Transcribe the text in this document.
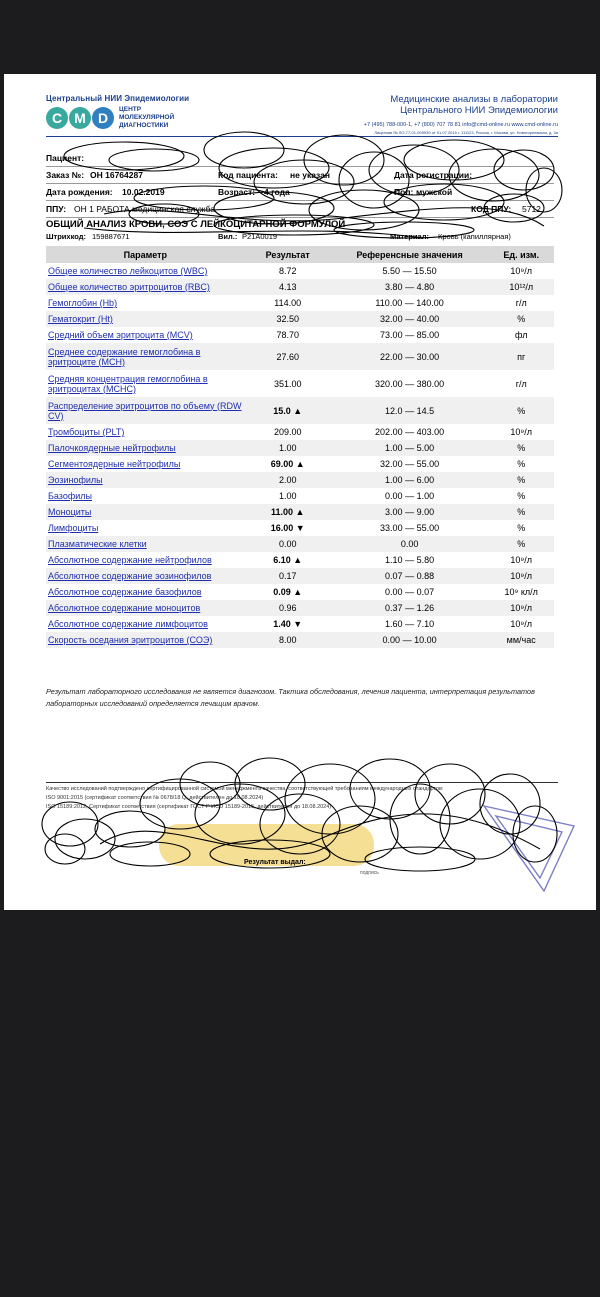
Центральный НИИ Эпидемиологии
C M D
ЦЕНТР МОЛЕКУЛЯРНОЙ ДИАГНОСТИКИ
Медицинские анализы в лаборатории
Центрального НИИ Эпидемиологии
+7 (495) 788-000-1, +7 (800) 707 78 81 info@cmd-online.ru www.cmd-online.ru
Лицензия № ЛО-77-01-009939 от 01.07.2015 г. 111123, Россия, г. Москва, ул. Новогиреевская, д. 3а
Пациент:
Заказ №: ОН 16764287	Код пациента: не указан	Дата регистрации:
Дата рождения: 10.02.2019	Возраст: 4 года	Пол: мужской
ППУ: ОН 1 РАБОТА медицинская служба	КОД ППУ: 5712
ОБЩИЙ АНАЛИЗ КРОВИ, СОЭ С ЛЕЙКОЦИТАРНОЙ ФОРМУЛОЙ
Штрихкод: 159887671	Вил.: P21A0019	Материал: Кровь (капиллярная)
Параметр	Результат	Референсные значения	Ед. изм.
Общее количество лейкоцитов (WBC)	8.72	5.50 — 15.50	10⁹/л
Общее количество эритроцитов (RBC)	4.13	3.80 — 4.80	10¹²/л
Гемоглобин (Hb)	114.00	110.00 — 140.00	г/л
Гематокрит (Ht)	32.50	32.00 — 40.00	%
Средний объем эритроцита (MCV)	78.70	73.00 — 85.00	фл
Среднее содержание гемоглобина в эритроците (MCH)	27.60	22.00 — 30.00	пг
Средняя концентрация гемоглобина в эритроцитах (MCHC)	351.00	320.00 — 380.00	г/л
Распределение эритроцитов по объему (RDW CV)	15.0 ▲	12.0 — 14.5	%
Тромбоциты (PLT)	209.00	202.00 — 403.00	10⁹/л
Палочкоядерные нейтрофилы	1.00	1.00 — 5.00	%
Сегментоядерные нейтрофилы	69.00 ▲	32.00 — 55.00	%
Эозинофилы	2.00	1.00 — 6.00	%
Базофилы	1.00	0.00 — 1.00	%
Моноциты	11.00 ▲	3.00 — 9.00	%
Лимфоциты	16.00 ▼	33.00 — 55.00	%
Плазматические клетки	0.00	0.00	%
Абсолютное содержание нейтрофилов	6.10 ▲	1.10 — 5.80	10⁹/л
Абсолютное содержание эозинофилов	0.17	0.07 — 0.88	10⁹/л
Абсолютное содержание базофилов	0.09 ▲	0.00 — 0.07	10⁹ кл/л
Абсолютное содержание моноцитов	0.96	0.37 — 1.26	10⁹/л
Абсолютное содержание лимфоцитов	1.40 ▼	1.60 — 7.10	10⁹/л
Скорость оседания эритроцитов (СОЭ)	8.00	0.00 — 10.00	мм/час
Результат лабораторного исследования не является диагнозом. Тактика обследования, лечения пациента, интерпретация результатов лабораторных исследований определяется лечащим врачом.
Качество исследований подтверждено сертифицированной системой менеджмента качества, соответствующей требованиям международных стандартов:
ISO 9001:2015 (сертификат соответствия № 0678/18 Q, действителен до 18.08.2024)
ISO 15189:2012, Сертификат соответствия (сертификат ГОСТ Р ИСО 15189-2015, действителен до 18.08.2024)
Результат выдал:
подпись
